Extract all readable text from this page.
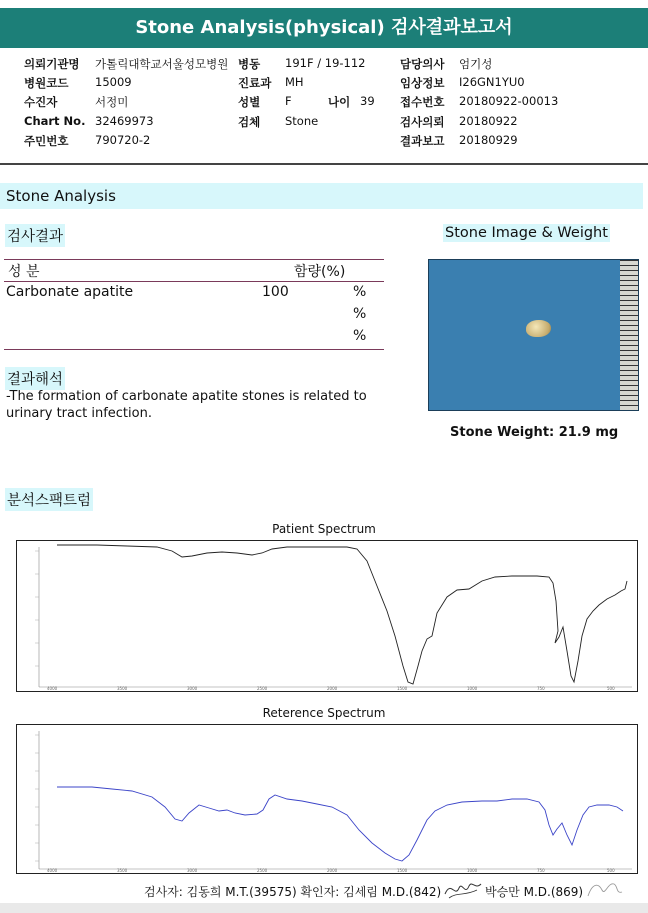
Stone Analysis(physical) 검사결과보고서
의뢰기관명 가톨릭대학교서울성모병원 병동 191F / 19-112	담당의사 엄기성
병원코드 15009	진료과 MH	임상정보 I26GN1YU0
수진자	서정미	성별 F	나이 39 접수번호 20180922-00013
Chart No. 32469973	검체 Stone	검사의뢰 20180922
주민번호 790720-2	결과보고 20180929
Stone Analysis
검사결과	Stone Image & Weight
성 분	함량(%)
Carbonate apatite	100	%
%
%
결과해석
-The formation of carbonate apatite stones is related to urinary tract infection.
Stone Weight: 21.9 mg
분석스팩트럼
Patient Spectrum
4000	3500	3000	2500	2000	1500	1000	750	500
Reterence Spectrum
4000	3500	3000	2500	2000	1500	1000	750	500
검사자: 김동희 M.T.(39575) 확인자: 김세림 M.D.(842)	박승만 M.D.(869)
